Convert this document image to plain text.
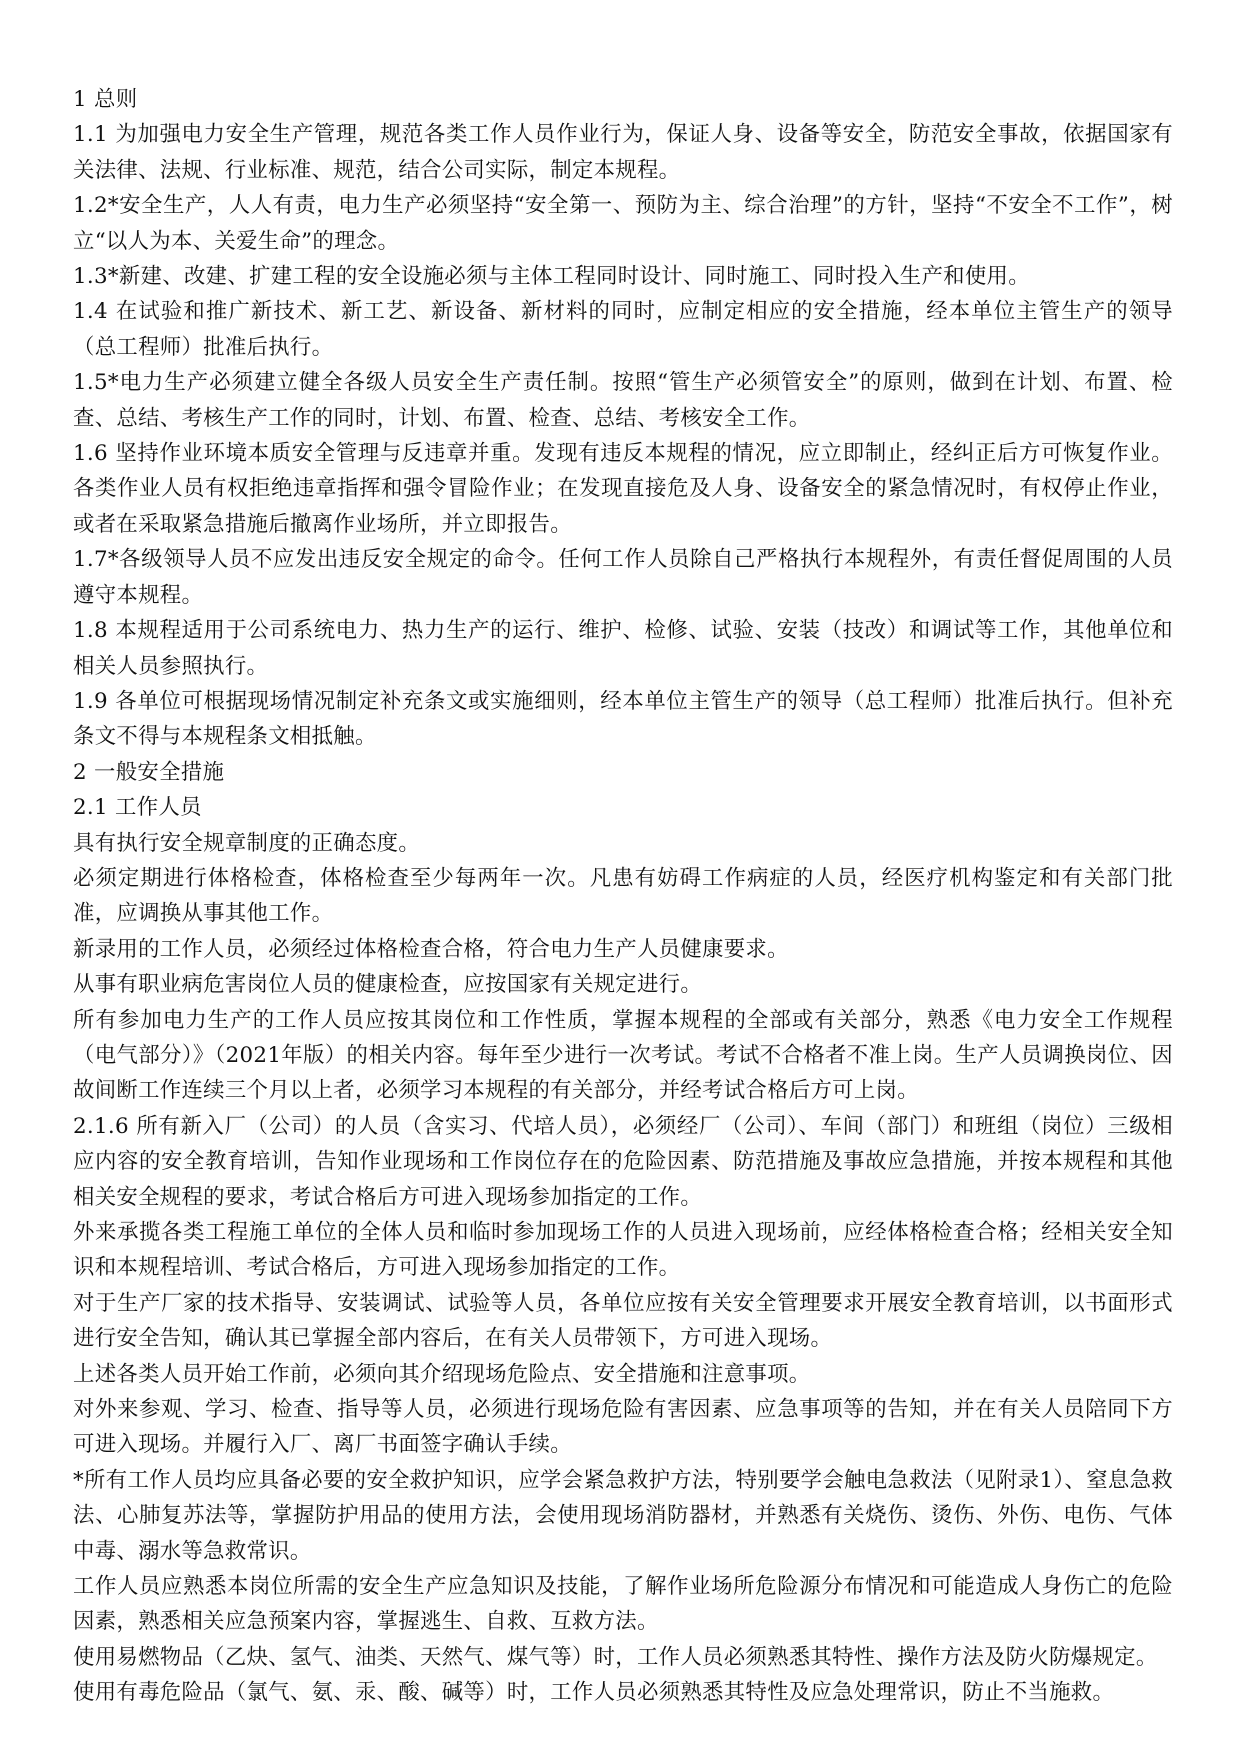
1 总则

1.1 为加强电力安全生产管理，规范各类工作人员作业行为，保证人身、设备等安全，防范安全事故，依据国家有关法律、法规、行业标准、规范，结合公司实际，制定本规程。

1.2*安全生产，人人有责，电力生产必须坚持“安全第一、预防为主、综合治理”的方针，坚持“不安全不工作”，树立“以人为本、关爱生命”的理念。

1.3*新建、改建、扩建工程的安全设施必须与主体工程同时设计、同时施工、同时投入生产和使用。

1.4 在试验和推广新技术、新工艺、新设备、新材料的同时，应制定相应的安全措施，经本单位主管生产的领导（总工程师）批准后执行。

1.5*电力生产必须建立健全各级人员安全生产责任制。按照“管生产必须管安全”的原则，做到在计划、布置、检查、总结、考核生产工作的同时，计划、布置、检查、总结、考核安全工作。

1.6 坚持作业环境本质安全管理与反违章并重。发现有违反本规程的情况，应立即制止，经纠正后方可恢复作业。各类作业人员有权拒绝违章指挥和强令冒险作业；在发现直接危及人身、设备安全的紧急情况时，有权停止作业，或者在采取紧急措施后撤离作业场所，并立即报告。

1.7*各级领导人员不应发出违反安全规定的命令。任何工作人员除自己严格执行本规程外，有责任督促周围的人员遵守本规程。

1.8 本规程适用于公司系统电力、热力生产的运行、维护、检修、试验、安装（技改）和调试等工作，其他单位和相关人员参照执行。

1.9 各单位可根据现场情况制定补充条文或实施细则，经本单位主管生产的领导（总工程师）批准后执行。但补充条文不得与本规程条文相抵触。

2 一般安全措施

2.1 工作人员

具有执行安全规章制度的正确态度。

必须定期进行体格检查，体格检查至少每两年一次。凡患有妨碍工作病症的人员，经医疗机构鉴定和有关部门批准，应调换从事其他工作。

新录用的工作人员，必须经过体格检查合格，符合电力生产人员健康要求。

从事有职业病危害岗位人员的健康检查，应按国家有关规定进行。

所有参加电力生产的工作人员应按其岗位和工作性质，掌握本规程的全部或有关部分，熟悉《电力安全工作规程（电气部分）》（2021年版）的相关内容。每年至少进行一次考试。考试不合格者不准上岗。生产人员调换岗位、因故间断工作连续三个月以上者，必须学习本规程的有关部分，并经考试合格后方可上岗。

2.1.6 所有新入厂（公司）的人员（含实习、代培人员），必须经厂（公司）、车间（部门）和班组（岗位）三级相应内容的安全教育培训，告知作业现场和工作岗位存在的危险因素、防范措施及事故应急措施，并按本规程和其他相关安全规程的要求，考试合格后方可进入现场参加指定的工作。

外来承揽各类工程施工单位的全体人员和临时参加现场工作的人员进入现场前，应经体格检查合格；经相关安全知识和本规程培训、考试合格后，方可进入现场参加指定的工作。

对于生产厂家的技术指导、安装调试、试验等人员，各单位应按有关安全管理要求开展安全教育培训，以书面形式进行安全告知，确认其已掌握全部内容后，在有关人员带领下，方可进入现场。

上述各类人员开始工作前，必须向其介绍现场危险点、安全措施和注意事项。

对外来参观、学习、检查、指导等人员，必须进行现场危险有害因素、应急事项等的告知，并在有关人员陪同下方可进入现场。并履行入厂、离厂书面签字确认手续。

*所有工作人员均应具备必要的安全救护知识，应学会紧急救护方法，特别要学会触电急救法（见附录1）、窒息急救法、心肺复苏法等，掌握防护用品的使用方法，会使用现场消防器材，并熟悉有关烧伤、烫伤、外伤、电伤、气体中毒、溺水等急救常识。

工作人员应熟悉本岗位所需的安全生产应急知识及技能，了解作业场所危险源分布情况和可能造成人身伤亡的危险因素，熟悉相关应急预案内容，掌握逃生、自救、互救方法。

使用易燃物品（乙炔、氢气、油类、天然气、煤气等）时，工作人员必须熟悉其特性、操作方法及防火防爆规定。

使用有毒危险品（氯气、氨、汞、酸、碱等）时，工作人员必须熟悉其特性及应急处理常识，防止不当施救。
